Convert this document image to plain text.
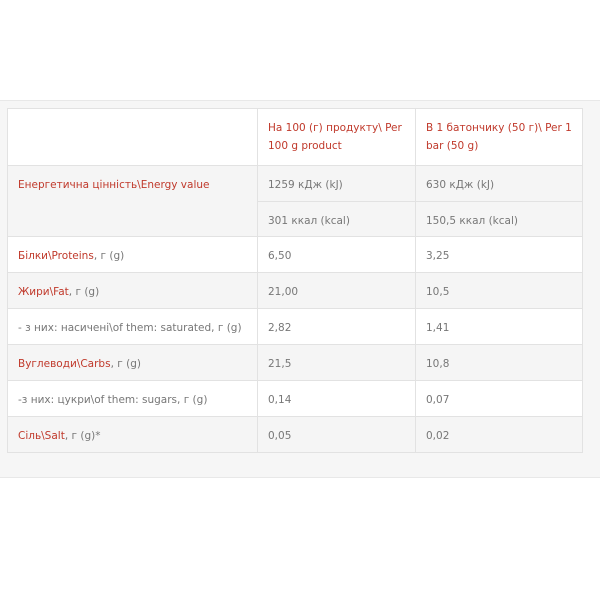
	На 100 (г) продукту\ Per 100 g product	В 1 батончику (50 г)\ Per 1 bar (50 g)
Енергетична цінність\Energy value	1259 кДж (kJ)	630 кДж (kJ)
	301 ккал (kcal)	150,5 ккал (kcal)
Білки\Proteins, г (g)	6,50	3,25
Жири\Fat, г (g)	21,00	10,5
- з них: насичені\of them: saturated, г (g)	2,82	1,41
Вуглеводи\Carbs, г (g)	21,5	10,8
-з них: цукри\of them: sugars, г (g)	0,14	0,07
Сіль\Salt, г (g)*	0,05	0,02
